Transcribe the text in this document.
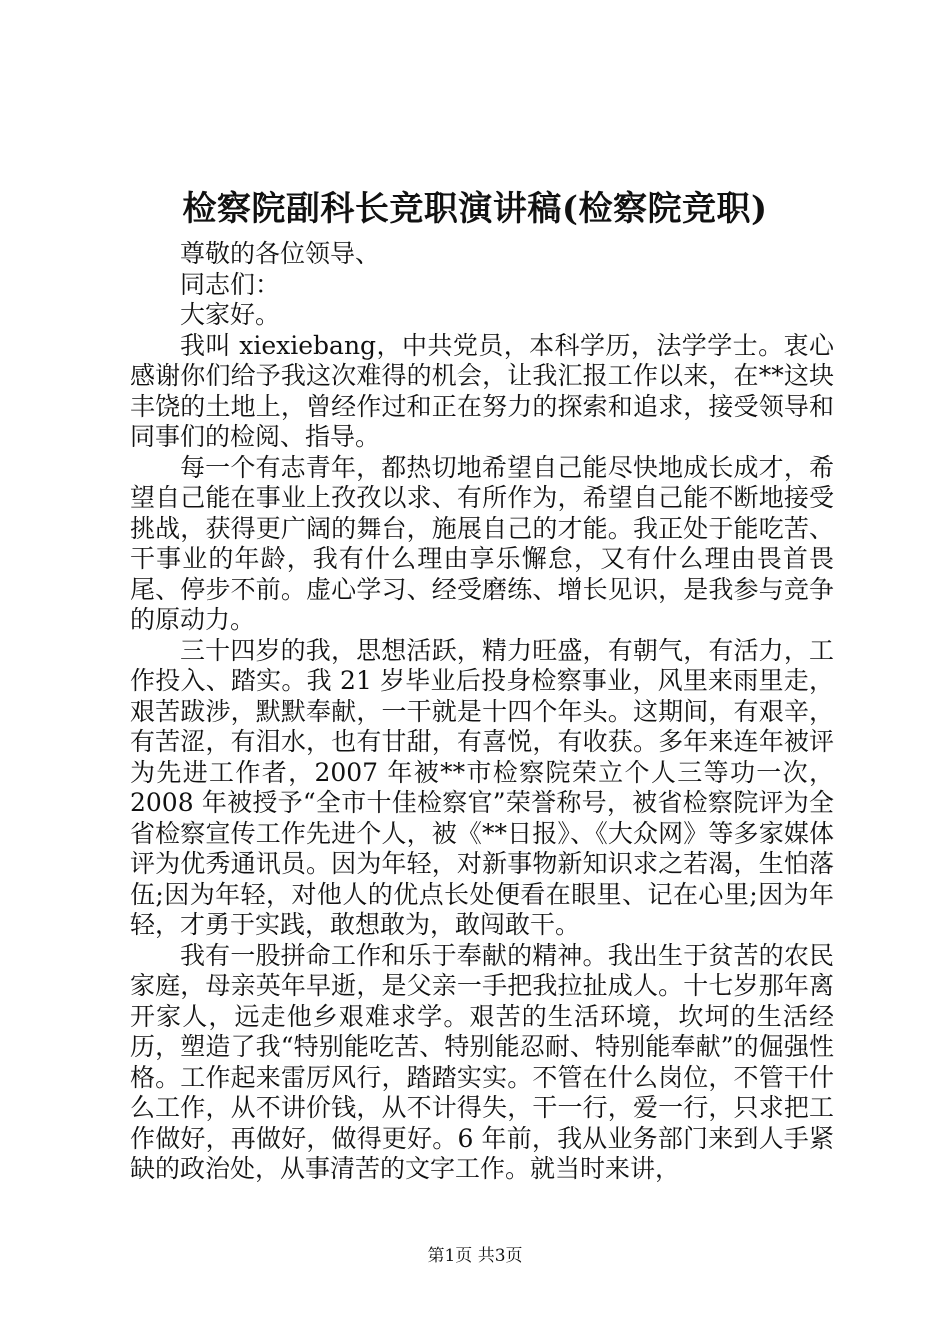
检察院副科长竞职演讲稿(检察院竞职)

尊敬的各位领导、

同志们：

大家好。

我叫 xiexiebang，中共党员，本科学历，法学学士。衷心感谢你们给予我这次难得的机会，让我汇报工作以来，在**这块丰饶的土地上，曾经作过和正在努力的探索和追求，接受领导和同事们的检阅、指导。

每一个有志青年，都热切地希望自己能尽快地成长成才，希望自己能在事业上孜孜以求、有所作为，希望自己能不断地接受挑战，获得更广阔的舞台，施展自己的才能。我正处于能吃苦、干事业的年龄，我有什么理由享乐懈怠，又有什么理由畏首畏尾、停步不前。虚心学习、经受磨练、增长见识，是我参与竞争的原动力。

三十四岁的我，思想活跃，精力旺盛，有朝气，有活力，工作投入、踏实。我 21 岁毕业后投身检察事业，风里来雨里走，艰苦跋涉，默默奉献，一干就是十四个年头。这期间，有艰辛，有苦涩，有泪水，也有甘甜，有喜悦，有收获。多年来连年被评为先进工作者，2007 年被**市检察院荣立个人三等功一次，2008 年被授予“全市十佳检察官”荣誉称号，被省检察院评为全省检察宣传工作先进个人，被《**日报》、《大众网》等多家媒体评为优秀通讯员。因为年轻，对新事物新知识求之若渴，生怕落伍;因为年轻，对他人的优点长处便看在眼里、记在心里;因为年轻，才勇于实践，敢想敢为，敢闯敢干。

我有一股拼命工作和乐于奉献的精神。我出生于贫苦的农民家庭，母亲英年早逝，是父亲一手把我拉扯成人。十七岁那年离开家人，远走他乡艰难求学。艰苦的生活环境，坎坷的生活经历，塑造了我“特别能吃苦、特别能忍耐、特别能奉献”的倔强性格。工作起来雷厉风行，踏踏实实。不管在什么岗位，不管干什么工作，从不讲价钱，从不计得失，干一行，爱一行，只求把工作做好，再做好，做得更好。6 年前，我从业务部门来到人手紧缺的政治处，从事清苦的文字工作。就当时来讲，

第1页 共3页
